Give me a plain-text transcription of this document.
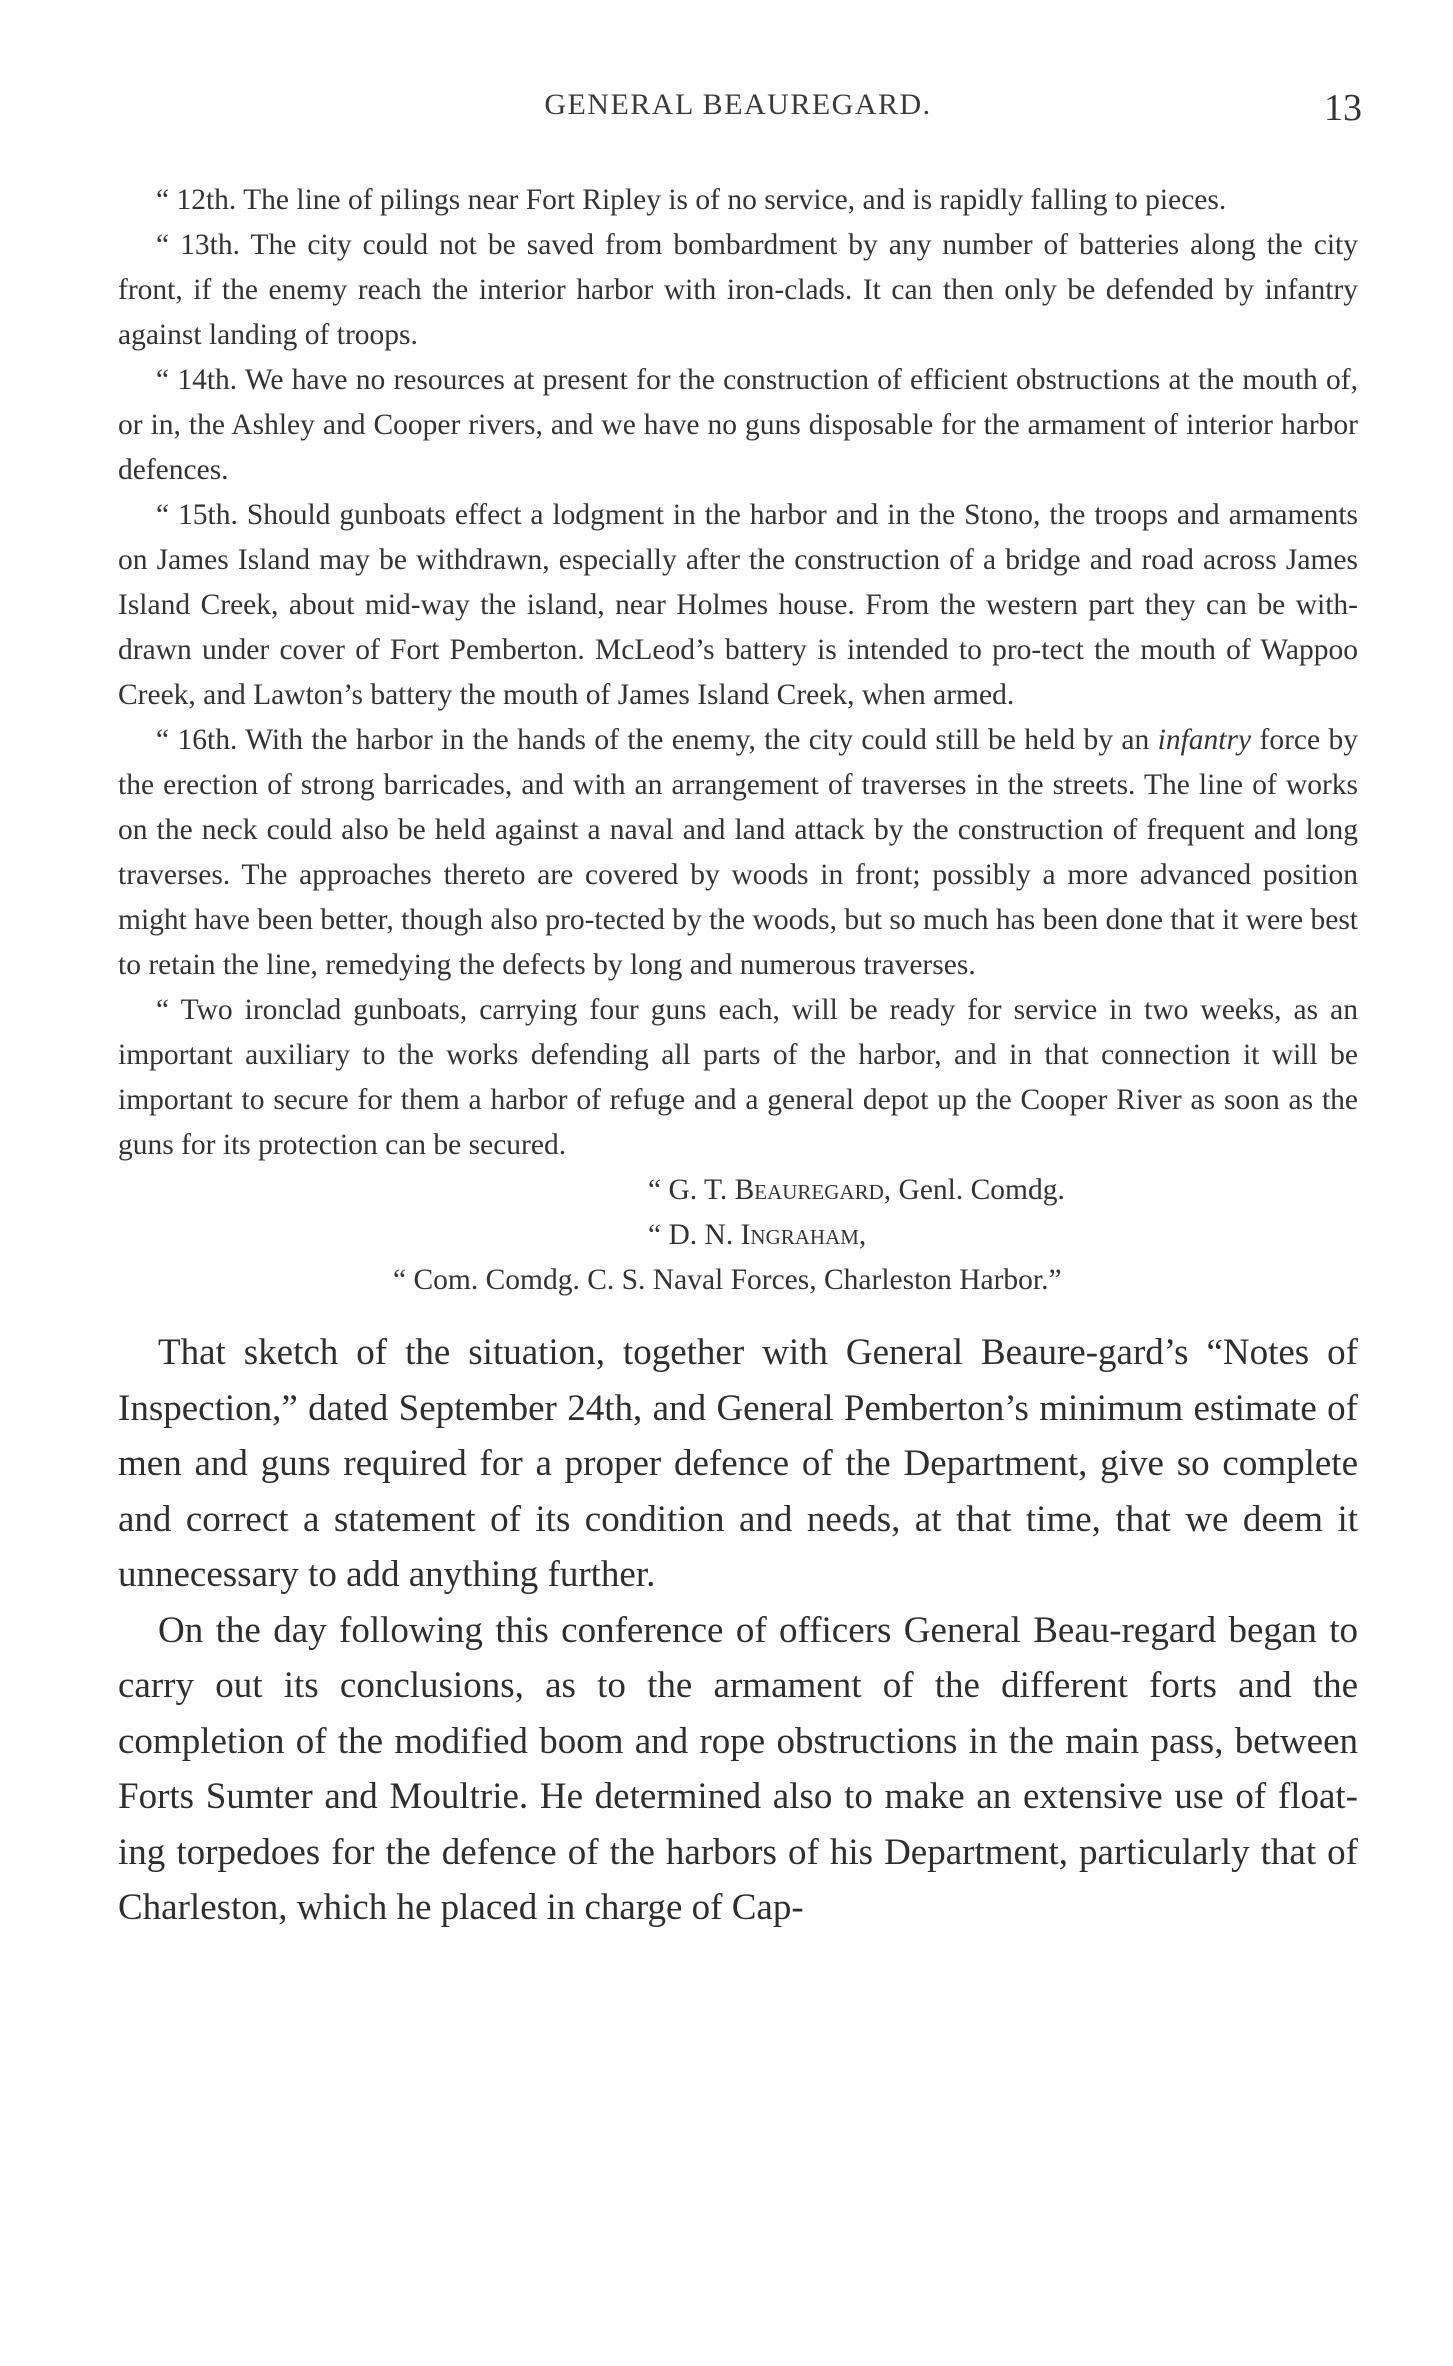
GENERAL BEAUREGARD.	13

“ 12th. The line of pilings near Fort Ripley is of no service, and is rapidly falling to pieces.

“ 13th. The city could not be saved from bombardment by any number of batteries along the city front, if the enemy reach the interior harbor with iron-clads. It can then only be defended by infantry against landing of troops.

“ 14th. We have no resources at present for the construction of efficient obstructions at the mouth of, or in, the Ashley and Cooper rivers, and we have no guns disposable for the armament of interior harbor defences.

“ 15th. Should gunboats effect a lodgment in the harbor and in the Stono, the troops and armaments on James Island may be withdrawn, especially after the construction of a bridge and road across James Island Creek, about mid-way the island, near Holmes house. From the western part they can be with-drawn under cover of Fort Pemberton. McLeod’s battery is intended to pro-tect the mouth of Wappoo Creek, and Lawton’s battery the mouth of James Island Creek, when armed.

“ 16th. With the harbor in the hands of the enemy, the city could still be held by an infantry force by the erection of strong barricades, and with an arrangement of traverses in the streets. The line of works on the neck could also be held against a naval and land attack by the construction of frequent and long traverses. The approaches thereto are covered by woods in front; possibly a more advanced position might have been better, though also pro-tected by the woods, but so much has been done that it were best to retain the line, remedying the defects by long and numerous traverses.

“ Two ironclad gunboats, carrying four guns each, will be ready for service in two weeks, as an important auxiliary to the works defending all parts of the harbor, and in that connection it will be important to secure for them a harbor of refuge and a general depot up the Cooper River as soon as the guns for its protection can be secured.

“ G. T. Beauregard, Genl. Comdg.
“ D. N. Ingraham,
“ Com. Comdg. C. S. Naval Forces, Charleston Harbor.”

That sketch of the situation, together with General Beaure-gard’s “Notes of Inspection,” dated September 24th, and General Pemberton’s minimum estimate of men and guns required for a proper defence of the Department, give so complete and correct a statement of its condition and needs, at that time, that we deem it unnecessary to add anything further.

On the day following this conference of officers General Beau-regard began to carry out its conclusions, as to the armament of the different forts and the completion of the modified boom and rope obstructions in the main pass, between Forts Sumter and Moultrie. He determined also to make an extensive use of float-ing torpedoes for the defence of the harbors of his Department, particularly that of Charleston, which he placed in charge of Cap-
